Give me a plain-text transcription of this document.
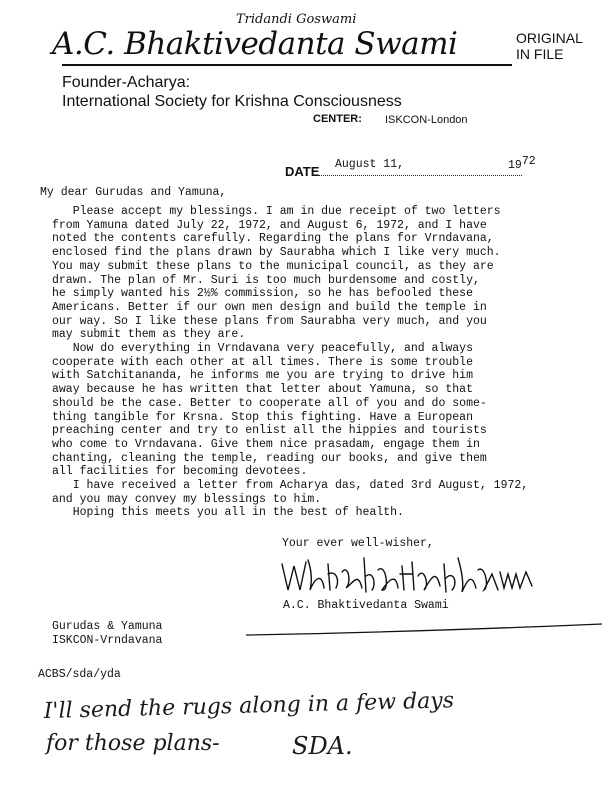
Tridandi Goswami
A.C. Bhaktivedanta Swami	ORIGINAL
IN FILE
Founder-Acharya:
International Society for Krishna Consciousness
CENTER: ISKCON-London
DATE August 11,	1972
My dear Gurudas and Yamuna,
Please accept my blessings. I am in due receipt of two letters
from Yamuna dated July 22, 1972, and August 6, 1972, and I have
noted the contents carefully. Regarding the plans for Vrndavana,
enclosed find the plans drawn by Saurabha which I like very much.
You may submit these plans to the municipal council, as they are
drawn. The plan of Mr. Suri is too much burdensome and costly,
he simply wanted his 2½% commission, so he has befooled these
Americans. Better if our own men design and build the temple in
our way. So I like these plans from Saurabha very much, and you
may submit them as they are.
Now do everything in Vrndavana very peacefully, and always
cooperate with each other at all times. There is some trouble
with Satchitananda, he informs me you are trying to drive him
away because he has written that letter about Yamuna, so that
should be the case. Better to cooperate all of you and do some-
thing tangible for Krsna. Stop this fighting. Have a European
preaching center and try to enlist all the hippies and tourists
who come to Vrndavana. Give them nice prasadam, engage them in
chanting, cleaning the temple, reading our books, and give them
all facilities for becoming devotees.
I have received a letter from Acharya das, dated 3rd August, 1972,
and you may convey my blessings to him.
Hoping this meets you all in the best of health.
Your ever well-wisher,
A.C. Bhaktivedanta Swami
Gurudas & Yamuna
ISKCON-Vrndavana
ACBS/sda/yda
I'll send the rugs along in a few days
for those plans-	SDA.
